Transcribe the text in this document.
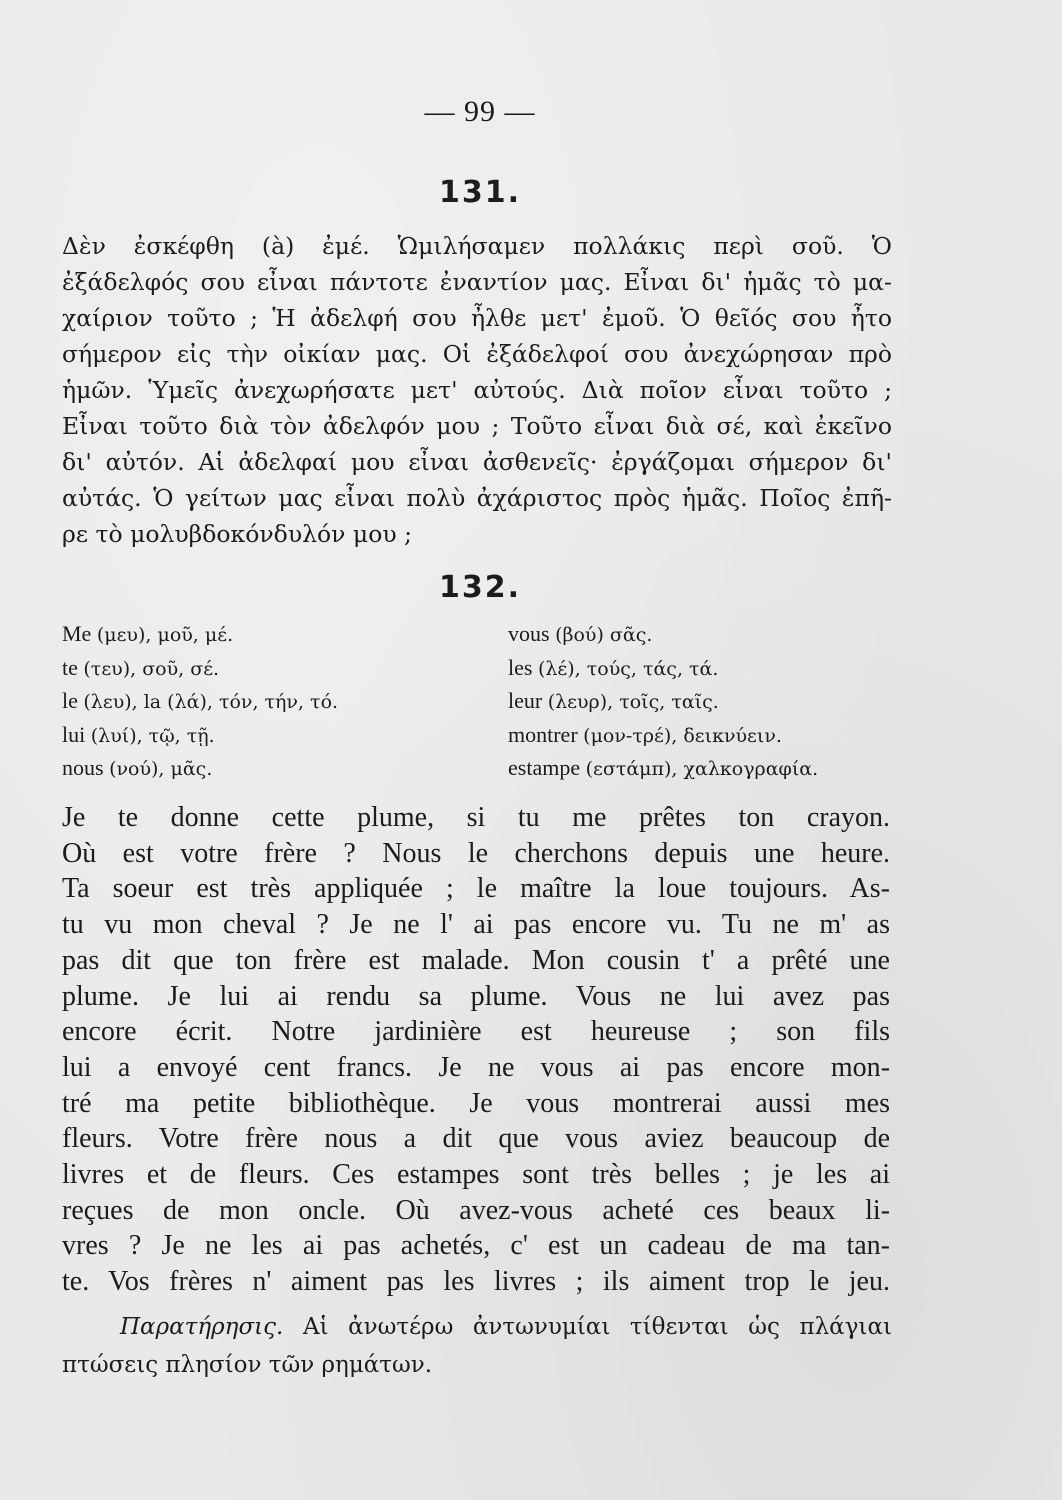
— 99 —
131.
Δὲν ἐσκέφθη (à) ἐμέ. Ὡμιλήσαμεν πολλάκις περὶ σοῦ. Ὁ
ἐξάδελφός σου εἶναι πάντοτε ἐναντίον μας. Εἶναι δι' ἡμᾶς τὸ μα-
χαίριον τοῦτο ; Ἡ ἀδελφή σου ἦλθε μετ' ἐμοῦ. Ὁ θεῖός σου ἦτο
σήμερον εἰς τὴν οἰκίαν μας. Οἱ ἐξάδελφοί σου ἀνεχώρησαν πρὸ
ἡμῶν. Ὑμεῖς ἀνεχωρήσατε μετ' αὐτούς. Διὰ ποῖον εἶναι τοῦτο ;
Εἶναι τοῦτο διὰ τὸν ἀδελφόν μου ; Τοῦτο εἶναι διὰ σέ, καὶ ἐκεῖνο
δι' αὐτόν. Αἱ ἀδελφαί μου εἶναι ἀσθενεῖς· ἐργάζομαι σήμερον δι'
αὐτάς. Ὁ γείτων μας εἶναι πολὺ ἀχάριστος πρὸς ἡμᾶς. Ποῖος ἐπῆ-
ρε τὸ μολυβδοκόνδυλόν μου ;
132.
Me (μευ), μοῦ, μέ.
te (τευ), σοῦ, σέ.
le (λευ), la (λά), τόν, τήν, τό.
lui (λυί), τῷ, τῇ.
nous (νού), μᾶς.
vous (βού) σᾶς.
les (λέ), τούς, τάς, τά.
leur (λευρ), τοῖς, ταῖς.
montrer (μον-τρέ), δεικνύειν.
estampe (εστάμπ), χαλκογραφία.
Je te donne cette plume, si tu me prêtes ton crayon.
Où est votre frère ? Nous le cherchons depuis une heure.
Ta soeur est très appliquée ; le maître la loue toujours. As-
tu vu mon cheval ? Je ne l' ai pas encore vu. Tu ne m' as
pas dit que ton frère est malade. Mon cousin t' a prêté une
plume. Je lui ai rendu sa plume. Vous ne lui avez pas
encore écrit. Notre jardinière est heureuse ; son fils
lui a envoyé cent francs. Je ne vous ai pas encore mon-
tré ma petite bibliothèque. Je vous montrerai aussi mes
fleurs. Votre frère nous a dit que vous aviez beaucoup de
livres et de fleurs. Ces estampes sont très belles ; je les ai
reçues de mon oncle. Où avez-vous acheté ces beaux li-
vres ? Je ne les ai pas achetés, c' est un cadeau de ma tan-
te. Vos frères n' aiment pas les livres ; ils aiment trop le jeu.
Παρατήρησις. Αἱ ἀνωτέρω ἀντωνυμίαι τίθενται ὡς πλάγιαι
πτώσεις πλησίον τῶν ρημάτων.
